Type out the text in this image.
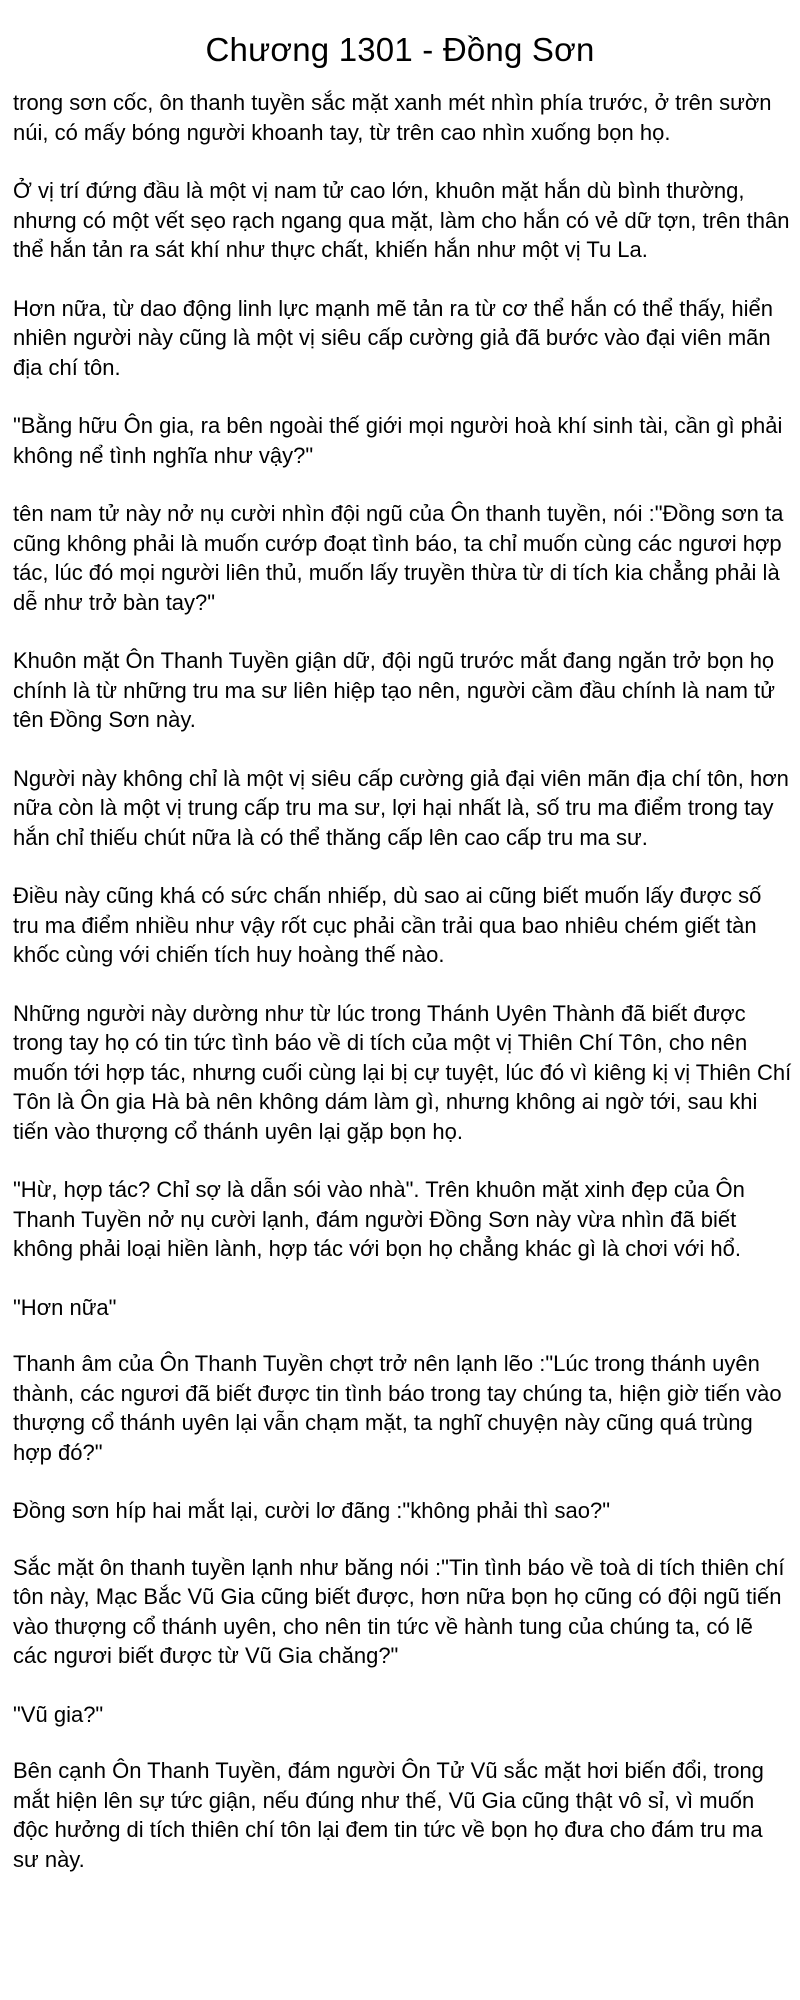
Chương 1301 - Đồng Sơn

trong sơn cốc, ôn thanh tuyền sắc mặt xanh mét nhìn phía trước, ở trên sườn núi, có mấy bóng người khoanh tay, từ trên cao nhìn xuống bọn họ.

Ở vị trí đứng đầu là một vị nam tử cao lớn, khuôn mặt hắn dù bình thường, nhưng có một vết sẹo rạch ngang qua mặt, làm cho hắn có vẻ dữ tợn, trên thân thể hắn tản ra sát khí như thực chất, khiến hắn như một vị Tu La.

Hơn nữa, từ dao động linh lực mạnh mẽ tản ra từ cơ thể hắn có thể thấy, hiển nhiên người này cũng là một vị siêu cấp cường giả đã bước vào đại viên mãn địa chí tôn.

"Bằng hữu Ôn gia, ra bên ngoài thế giới mọi người hoà khí sinh tài, cần gì phải không nể tình nghĩa như vậy?"

tên nam tử này nở nụ cười nhìn đội ngũ của Ôn thanh tuyền, nói :"Đồng sơn ta cũng không phải là muốn cướp đoạt tình báo, ta chỉ muốn cùng các ngươi hợp tác, lúc đó mọi người liên thủ, muốn lấy truyền thừa từ di tích kia chẳng phải là dễ như trở bàn tay?"

Khuôn mặt Ôn Thanh Tuyền giận dữ, đội ngũ trước mắt đang ngăn trở bọn họ chính là từ những tru ma sư liên hiệp tạo nên, người cầm đầu chính là nam tử tên Đồng Sơn này.

Người này không chỉ là một vị siêu cấp cường giả đại viên mãn địa chí tôn, hơn nữa còn là một vị trung cấp tru ma sư, lợi hại nhất là, số tru ma điểm trong tay hắn chỉ thiếu chút nữa là có thể thăng cấp lên cao cấp tru ma sư.

Điều này cũng khá có sức chấn nhiếp, dù sao ai cũng biết muốn lấy được số tru ma điểm nhiều như vậy rốt cục phải cần trải qua bao nhiêu chém giết tàn khốc cùng với chiến tích huy hoàng thế nào.

Những người này dường như từ lúc trong Thánh Uyên Thành đã biết được trong tay họ có tin tức tình báo về di tích của một vị Thiên Chí Tôn, cho nên muốn tới hợp tác, nhưng cuối cùng lại bị cự tuyệt, lúc đó vì kiêng kị vị Thiên Chí Tôn là Ôn gia Hà bà nên không dám làm gì, nhưng không ai ngờ tới, sau khi tiến vào thượng cổ thánh uyên lại gặp bọn họ.

"Hừ, hợp tác? Chỉ sợ là dẫn sói vào nhà". Trên khuôn mặt xinh đẹp của Ôn Thanh Tuyền nở nụ cười lạnh, đám người Đồng Sơn này vừa nhìn đã biết không phải loại hiền lành, hợp tác với bọn họ chẳng khác gì là chơi với hổ.

"Hơn nữa"

Thanh âm của Ôn Thanh Tuyền chợt trở nên lạnh lẽo :"Lúc trong thánh uyên thành, các ngươi đã biết được tin tình báo trong tay chúng ta, hiện giờ tiến vào thượng cổ thánh uyên lại vẫn chạm mặt, ta nghĩ chuyện này cũng quá trùng hợp đó?"

Đồng sơn híp hai mắt lại, cười lơ đãng :"không phải thì sao?"

Sắc mặt ôn thanh tuyền lạnh như băng nói :"Tin tình báo về toà di tích thiên chí tôn này, Mạc Bắc Vũ Gia cũng biết được, hơn nữa bọn họ cũng có đội ngũ tiến vào thượng cổ thánh uyên, cho nên tin tức về hành tung của chúng ta, có lẽ các ngươi biết được từ Vũ Gia chăng?"

"Vũ gia?"

Bên cạnh Ôn Thanh Tuyền, đám người Ôn Tử Vũ sắc mặt hơi biến đổi, trong mắt hiện lên sự tức giận, nếu đúng như thế, Vũ Gia cũng thật vô sỉ, vì muốn độc hưởng di tích thiên chí tôn lại đem tin tức về bọn họ đưa cho đám tru ma sư này.
